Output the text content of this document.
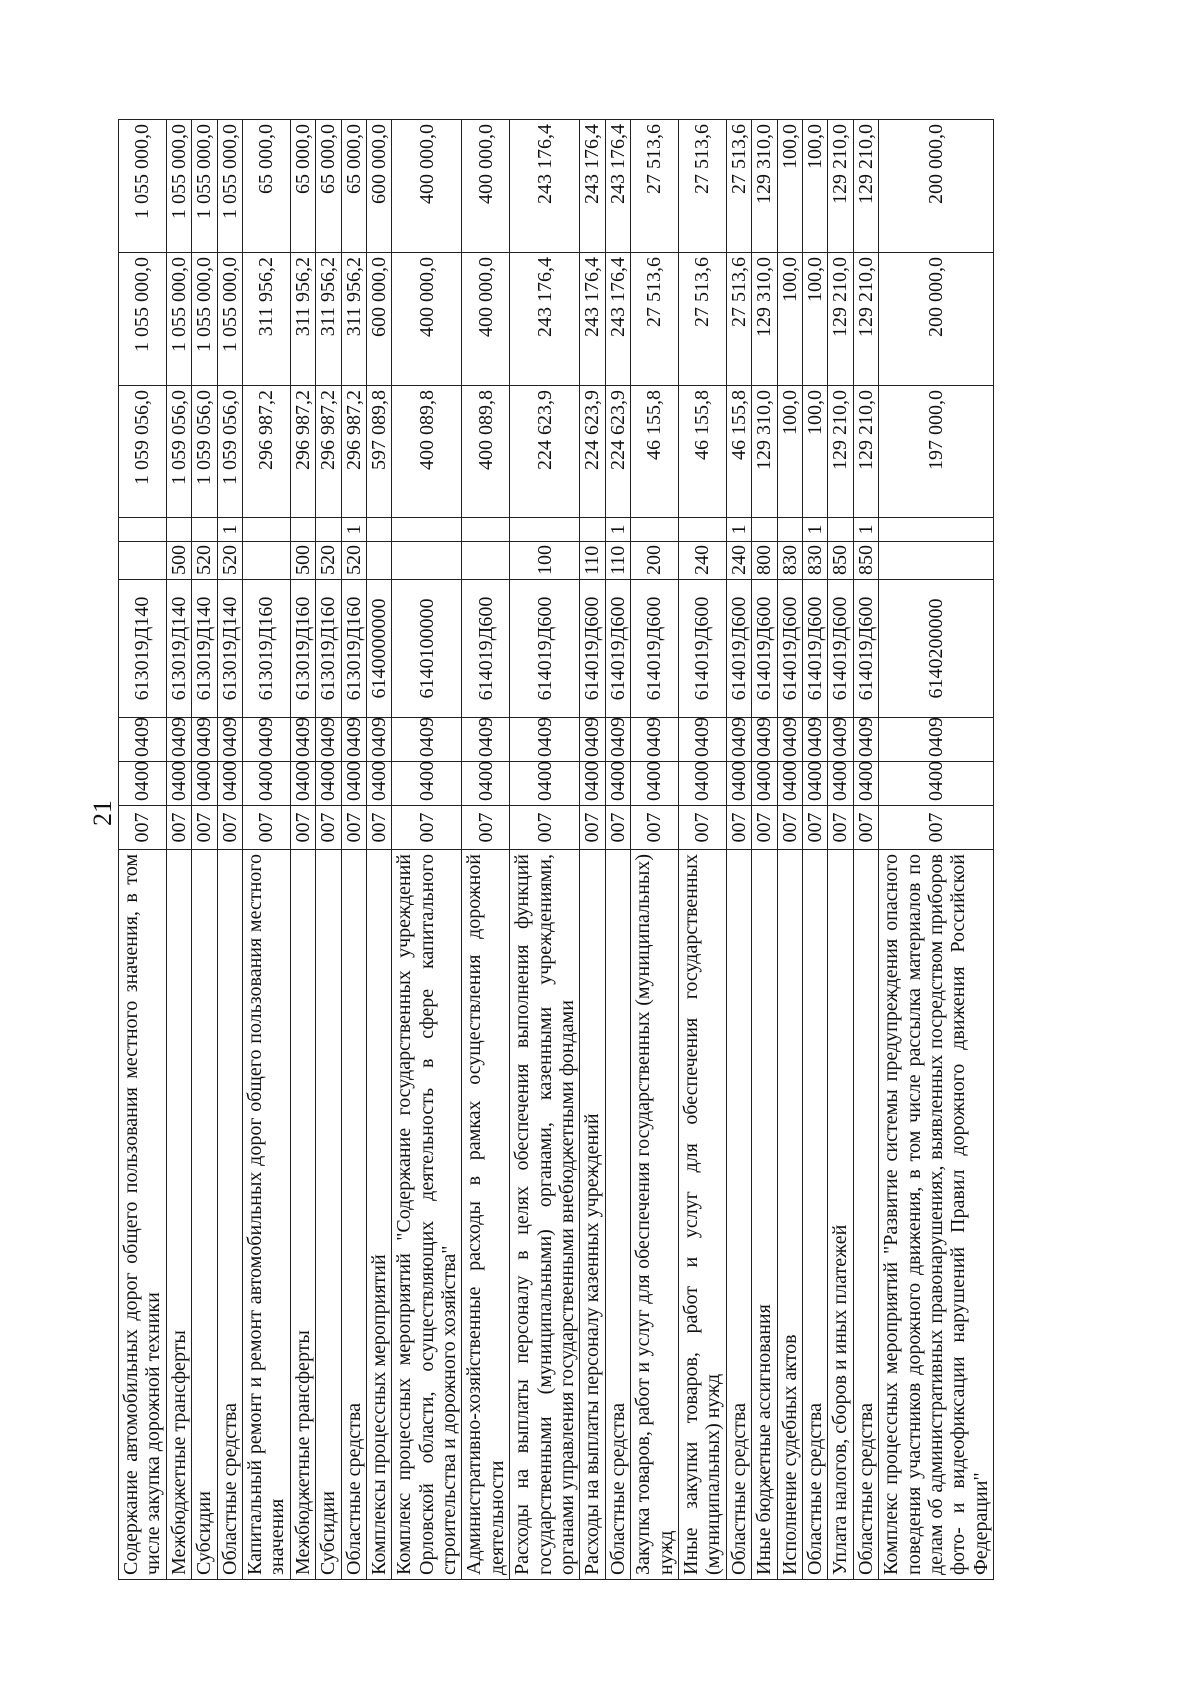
21
Содержание автомобильных дорог общего пользования местного значения, в том числе закупка дорожной техники	007	0400	0409	613019Д140			1 059 056,0	1 055 000,0	1 055 000,0
Межбюджетные трансферты	007	0400	0409	613019Д140	500		1 059 056,0	1 055 000,0	1 055 000,0
Субсидии	007	0400	0409	613019Д140	520		1 059 056,0	1 055 000,0	1 055 000,0
Областные средства	007	0400	0409	613019Д140	520	1	1 059 056,0	1 055 000,0	1 055 000,0
Капитальный ремонт и ремонт автомобильных дорог общего пользования местного значения	007	0400	0409	613019Д160			296 987,2	311 956,2	65 000,0
Межбюджетные трансферты	007	0400	0409	613019Д160	500		296 987,2	311 956,2	65 000,0
Субсидии	007	0400	0409	613019Д160	520		296 987,2	311 956,2	65 000,0
Областные средства	007	0400	0409	613019Д160	520	1	296 987,2	311 956,2	65 000,0
Комплексы процессных мероприятий	007	0400	0409	6140000000			597 089,8	600 000,0	600 000,0
Комплекс процессных мероприятий "Содержание государственных учреждений Орловской области, осуществляющих деятельность в сфере капитального строительства и дорожного хозяйства"	007	0400	0409	6140100000			400 089,8	400 000,0	400 000,0
Административно-хозяйственные расходы в рамках осуществления дорожной деятельности	007	0400	0409	614019Д600			400 089,8	400 000,0	400 000,0
Расходы на выплаты персоналу в целях обеспечения выполнения функций государственными (муниципальными) органами, казенными учреждениями, органами управления государственными внебюджетными фондами	007	0400	0409	614019Д600	100		224 623,9	243 176,4	243 176,4
Расходы на выплаты персоналу казенных учреждений	007	0400	0409	614019Д600	110		224 623,9	243 176,4	243 176,4
Областные средства	007	0400	0409	614019Д600	110	1	224 623,9	243 176,4	243 176,4
Закупка товаров, работ и услуг для обеспечения государственных (муниципальных) нужд	007	0400	0409	614019Д600	200		46 155,8	27 513,6	27 513,6
Иные закупки товаров, работ и услуг для обеспечения государственных (муниципальных) нужд	007	0400	0409	614019Д600	240		46 155,8	27 513,6	27 513,6
Областные средства	007	0400	0409	614019Д600	240	1	46 155,8	27 513,6	27 513,6
Иные бюджетные ассигнования	007	0400	0409	614019Д600	800		129 310,0	129 310,0	129 310,0
Исполнение судебных актов	007	0400	0409	614019Д600	830		100,0	100,0	100,0
Областные средства	007	0400	0409	614019Д600	830	1	100,0	100,0	100,0
Уплата налогов, сборов и иных платежей	007	0400	0409	614019Д600	850		129 210,0	129 210,0	129 210,0
Областные средства	007	0400	0409	614019Д600	850	1	129 210,0	129 210,0	129 210,0
Комплекс процессных мероприятий "Развитие системы предупреждения опасного поведения участников дорожного движения, в том числе рассылка материалов по делам об административных правонарушениях, выявленных посредством приборов фото- и видеофиксации нарушений Правил дорожного движения Российской Федерации"	007	0400	0409	6140200000			197 000,0	200 000,0	200 000,0
